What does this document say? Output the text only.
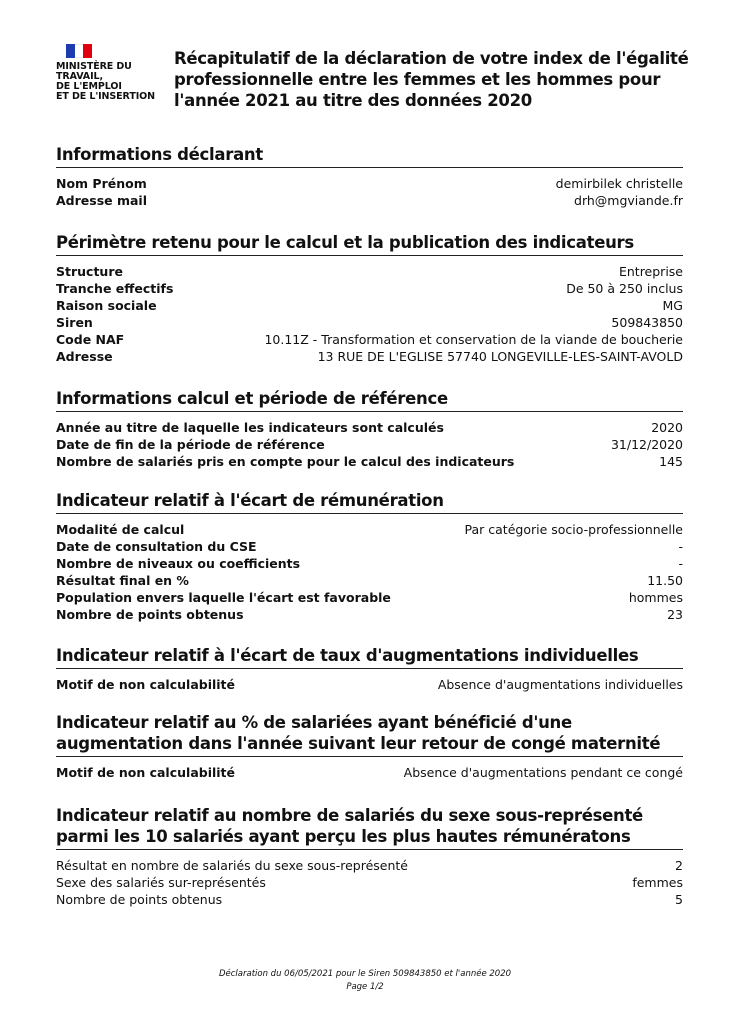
MINISTÈRE DU
TRAVAIL,
DE L'EMPLOI
ET DE L'INSERTION
Récapitulatif de la déclaration de votre index de l'égalité professionnelle entre les femmes et les hommes pour l'année 2021 au titre des données 2020
Informations déclarant
Nom Prénom	demirbilek christelle
Adresse mail	drh@mgviande.fr
Périmètre retenu pour le calcul et la publication des indicateurs
Structure	Entreprise
Tranche effectifs	De 50 à 250 inclus
Raison sociale	MG
Siren	509843850
Code NAF	10.11Z - Transformation et conservation de la viande de boucherie
Adresse	13 RUE DE L'EGLISE 57740 LONGEVILLE-LES-SAINT-AVOLD
Informations calcul et période de référence
Année au titre de laquelle les indicateurs sont calculés	2020
Date de fin de la période de référence	31/12/2020
Nombre de salariés pris en compte pour le calcul des indicateurs	145
Indicateur relatif à l'écart de rémunération
Modalité de calcul	Par catégorie socio-professionnelle
Date de consultation du CSE	-
Nombre de niveaux ou coefficients	-
Résultat final en %	11.50
Population envers laquelle l'écart est favorable	hommes
Nombre de points obtenus	23
Indicateur relatif à l'écart de taux d'augmentations individuelles
Motif de non calculabilité	Absence d'augmentations individuelles
Indicateur relatif au % de salariées ayant bénéficié d'une augmentation dans l'année suivant leur retour de congé maternité
Motif de non calculabilité	Absence d'augmentations pendant ce congé
Indicateur relatif au nombre de salariés du sexe sous-représenté parmi les 10 salariés ayant perçu les plus hautes rémunératons
Résultat en nombre de salariés du sexe sous-représenté	2
Sexe des salariés sur-représentés	femmes
Nombre de points obtenus	5
Déclaration du 06/05/2021 pour le Siren 509843850 et l'année 2020
Page 1/2
